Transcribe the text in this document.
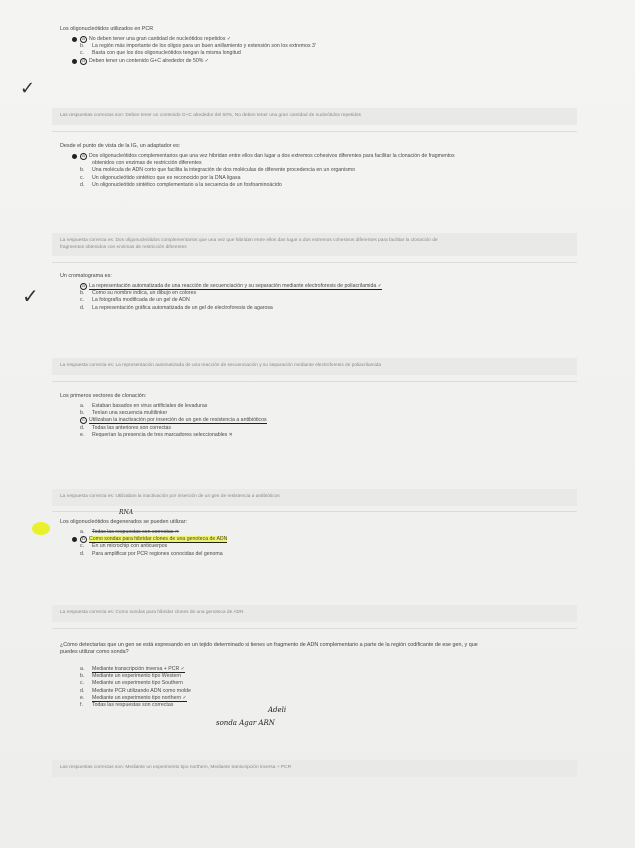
Los oligonucleótidos utilizados en PCR
a No deben tener una gran cantidad de nucleótidos repetidos ✓
b. La región más importante de los oligos para un buen anillamiento y extensión son los extremos 3'
c. Basta con que los dos oligonucleótidos tengan la misma longitud
d Deben tener un contenido G+C alrededor de 50% ✓
✓
Las respuestas correctas son: Deben tener un contenido G+C alrededor del 50%, No deben tener una gran cantidad de nucleótidos repetidos
Desde el punto de vista de la IG, un adaptador es:
a Dos oligonucleótidos complementarios que una vez hibridan entre ellos dan lugar a dos extremos cohesivos diferentes para facilitar la clonación de fragmentos
obtenidos con enzimas de restricción diferentes
b. Una molécula de ADN corto que facilita la integración de dos moléculas de diferente procedencia en un organismo
c. Un oligonucleótido sintético que es reconocido por la DNA ligasa
d. Un oligonucleótido sintético complementario a la secuencia de un fosfoaminoácido
La respuesta correcta es: Dos oligonucleótidos complementarios que una vez que hibridan entre ellos dan lugar a dos extremos cohesivos diferentes para facilitar la clonación de
fragmentos obtenidos con enzimas de restricción diferentes
Un cromatograma es:
a La representación automatizada de una reacción de secuenciación y su separación mediante electroforesis de poliacrilamida ✓
b. Como su nombre indica, un dibujo en colores
c. La fotografía modificada de un gel de ADN
d. La representación gráfica automatizada de un gel de electroforesis de agarosa
✓
La respuesta correcta es: La representación automatizada de una reacción de secuenciación y su separación mediante electroforesis de poliacrilamida
Los primeros vectores de clonación:
a. Estaban basados en virus artificiales de levaduras
b. Tenían una secuencia multilinker
c Utilizaban la inactivación por inserción de un gen de resistencia a antibióticos
d. Todas las anteriores son correctas
e. Requerían la presencia de tres marcadores seleccionables ✕
La respuesta correcta es: Utilizaban la inactivación por inserción de un gen de resistencia a antibióticos
RNA
Los oligonucleótidos degenerados se pueden utilizar:
a. Todas las respuestas son correctas ✕
b Como sondas para hibridar clones de una genoteca de ADN
c. En un microchip con anticuerpos
d. Para amplificar por PCR regiones conocidas del genoma
La respuesta correcta es: Como sondas para hibridar clones de una genoteca de ADN
¿Cómo detectarías que un gen se está expresando en un tejido determinado si tienes un fragmento de ADN complementario a parte de la región codificante de ese gen, y que
puedes utilizar como sonda?
a. Mediante transcripción inversa + PCR ✓
b. Mediante un experimento tipo Western
c. Mediante un experimento tipo Southern
d. Mediante PCR utilizando ADN como molde
e. Mediante un experimento tipo northern ✓
f. Todas las respuestas son correctas
Adeli
sonda Agar ARN
Las respuestas correctas son: Mediante un experimento tipo northern, Mediante transcripción inversa + PCR
